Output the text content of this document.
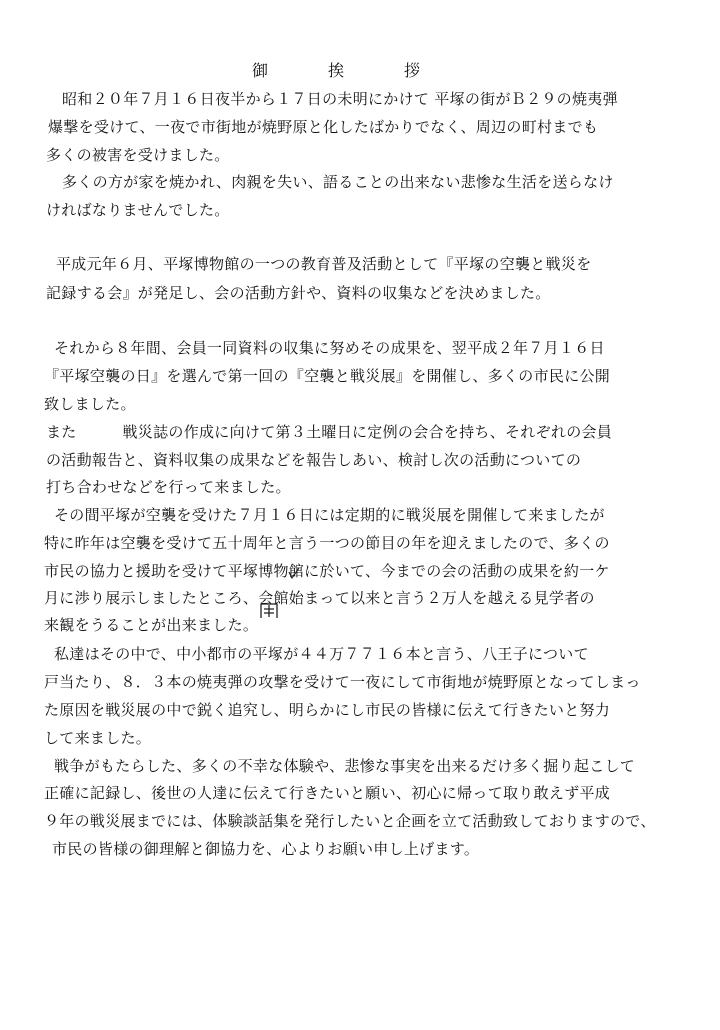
御　挨　拶
昭和２０年７月１６日夜半から１７日の未明にかけて 平塚の街がＢ２９の焼夷弾
爆撃を受けて、一夜で市街地が焼野原と化したばかりでなく、周辺の町村までも
多くの被害を受けました。
多くの方が家を焼かれ、肉親を失い、語ることの出来ない悲惨な生活を送らなけ
ければなりませんでした。
平成元年６月、平塚博物館の一つの教育普及活動として『平塚の空襲と戦災を
記録する会』が発足し、会の活動方針や、資料の収集などを決めました。
それから８年間、会員一同資料の収集に努めその成果を、翌平成２年７月１６日
『平塚空襲の日』を選んで第一回の『空襲と戦災展』を開催し、多くの市民に公開
致しました。
また　　　戦災誌の作成に向けて第３土曜日に定例の会合を持ち、それぞれの会員
の活動報告と、資料収集の成果などを報告しあい、検討し次の活動についての
打ち合わせなどを行って来ました。
その間平塚が空襲を受けた７月１６日には定期的に戦災展を開催して来ましたが
特に昨年は空襲を受けて五十周年と言う一つの節目の年を迎えましたので、多くの
市民の協力と援助を受けて平塚博物館に於いて、今までの会の活動の成果を約一ケ
月に渉り展示しましたところ、会館始まって以来と言う２万人を越える見学者の
来観をうることが出来ました。
私達はその中で、中小都市の平塚が４４万７７１６本と言う、八王子について
戸当たり、８．３本の焼夷弾の攻撃を受けて一夜にして市街地が焼野原となってしまっ
た原因を戦災展の中で鋭く追究し、明らかにし市民の皆様に伝えて行きたいと努力
して来ました。
戦争がもたらした、多くの不幸な体験や、悲惨な事実を出来るだけ多く掘り起こして
正確に記録し、後世の人達に伝えて行きたいと願い、初心に帰って取り敢えず平成
９年の戦災展までには、体験談話集を発行したいと企画を立て活動致しておりますので、
市民の皆様の御理解と御協力を、心よりお願い申し上げます。
